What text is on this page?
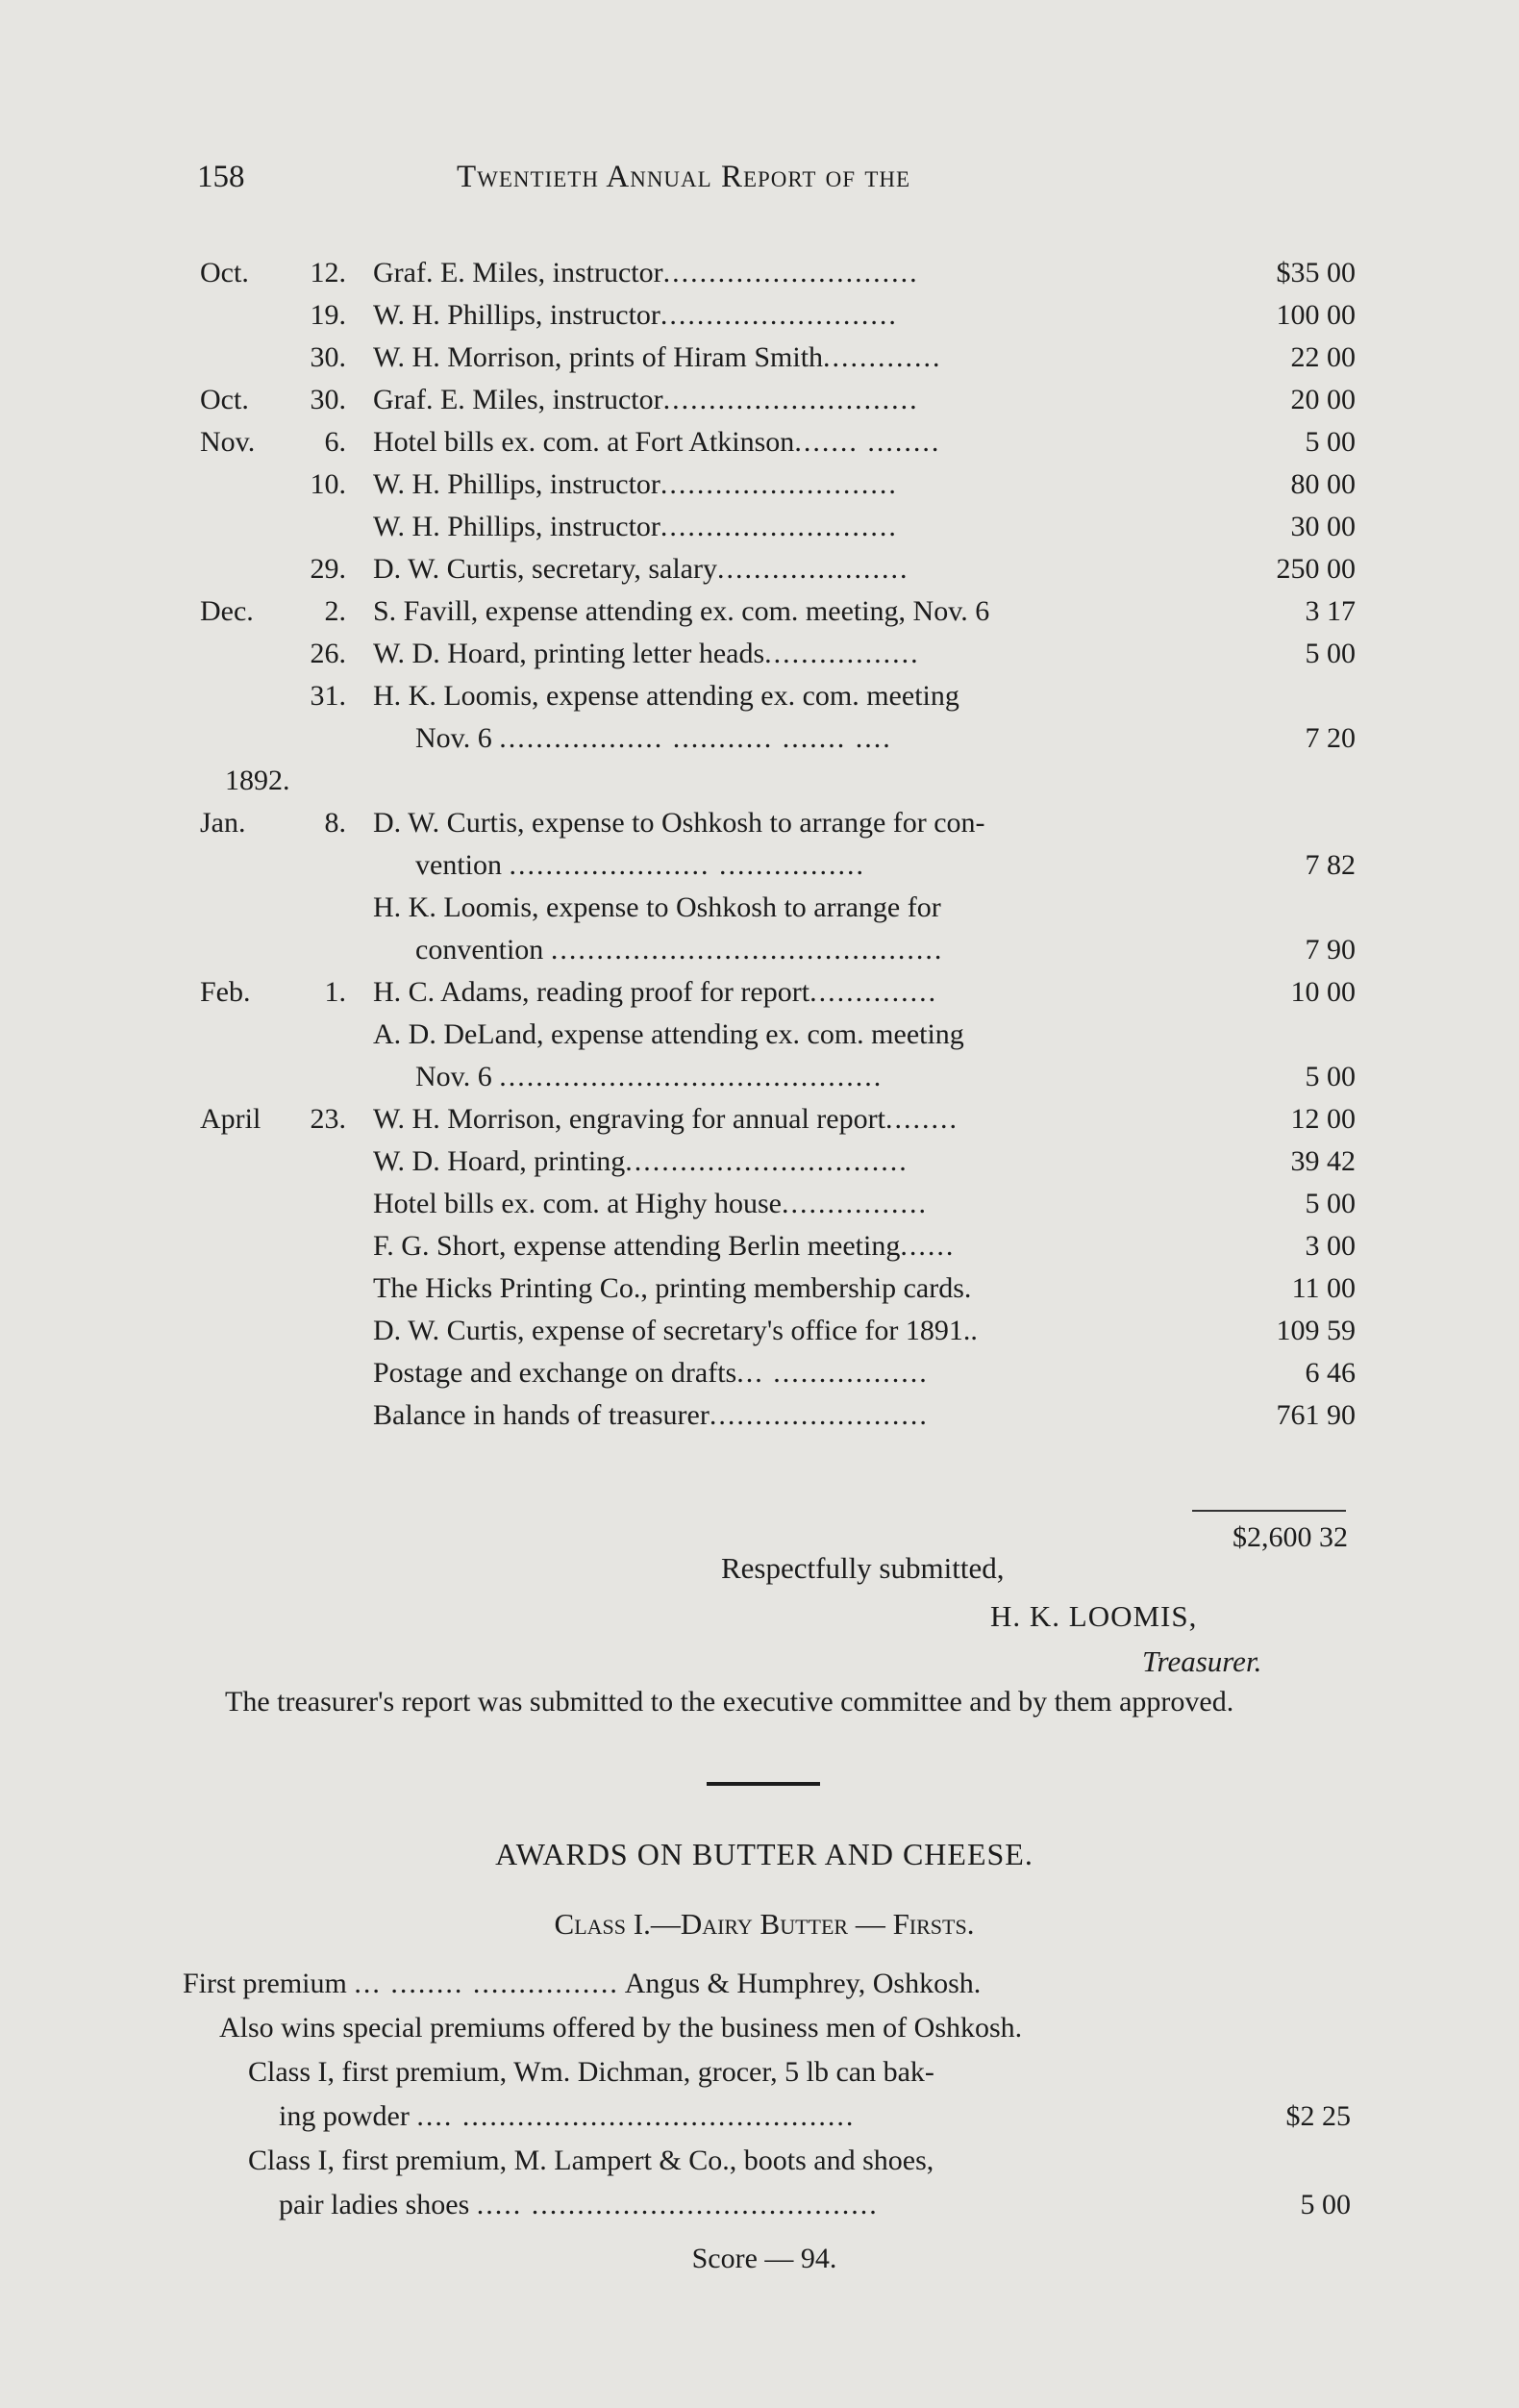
158	Twentieth Annual Report of the
Oct.	12. Graf. E. Miles, instructor............................	$35 00
19. W. H. Phillips, instructor..........................	100 00
30. W. H. Morrison, prints of Hiram Smith.............	22 00
Oct.	30. Graf. E. Miles, instructor............................	20 00
Nov.	6. Hotel bills ex. com. at Fort Atkinson....... ........	5 00
10. W. H. Phillips, instructor..........................	80 00
W. H. Phillips, instructor..........................	30 00
29. D. W. Curtis, secretary, salary.....................	250 00
Dec.	2. S. Favill, expense attending ex. com. meeting, Nov. 6	3 17
26. W. D. Hoard, printing letter heads.................	5 00
31. H. K. Loomis, expense attending ex. com. meeting
Nov. 6 .................. ........... ....... ....	7 20
1892.
Jan.	8. D. W. Curtis, expense to Oshkosh to arrange for con-
vention ...................... ................	7 82
H. K. Loomis, expense to Oshkosh to arrange for
convention ...........................................	7 90
Feb.	1. H. C. Adams, reading proof for report..............	10 00
A. D. DeLand, expense attending ex. com. meeting
Nov. 6 ..........................................	5 00
April	23. W. H. Morrison, engraving for annual report........	12 00
W. D. Hoard, printing...............................	39 42
Hotel bills ex. com. at Highy house................	5 00
F. G. Short, expense attending Berlin meeting......	3 00
The Hicks Printing Co., printing membership cards.	11 00
D. W. Curtis, expense of secretary's office for 1891..	109 59
Postage and exchange on drafts... .................	6 46
Balance in hands of treasurer........................	761 90
$2,600 32
Respectfully submitted,
H. K. LOOMIS,
Treasurer.
The treasurer's report was submitted to the executive committee and by them approved.
AWARDS ON BUTTER AND CHEESE.
Class I.—Dairy Butter — Firsts.
First premium ... ........ ................ Angus & Humphrey, Oshkosh.
Also wins special premiums offered by the business men of Oshkosh.
Class I, first premium, Wm. Dichman, grocer, 5 lb can bak-
ing powder .... ...........................................	$2 25
Class I, first premium, M. Lampert & Co., boots and shoes,
pair ladies shoes ..... ......................................	5 00
Score — 94.
